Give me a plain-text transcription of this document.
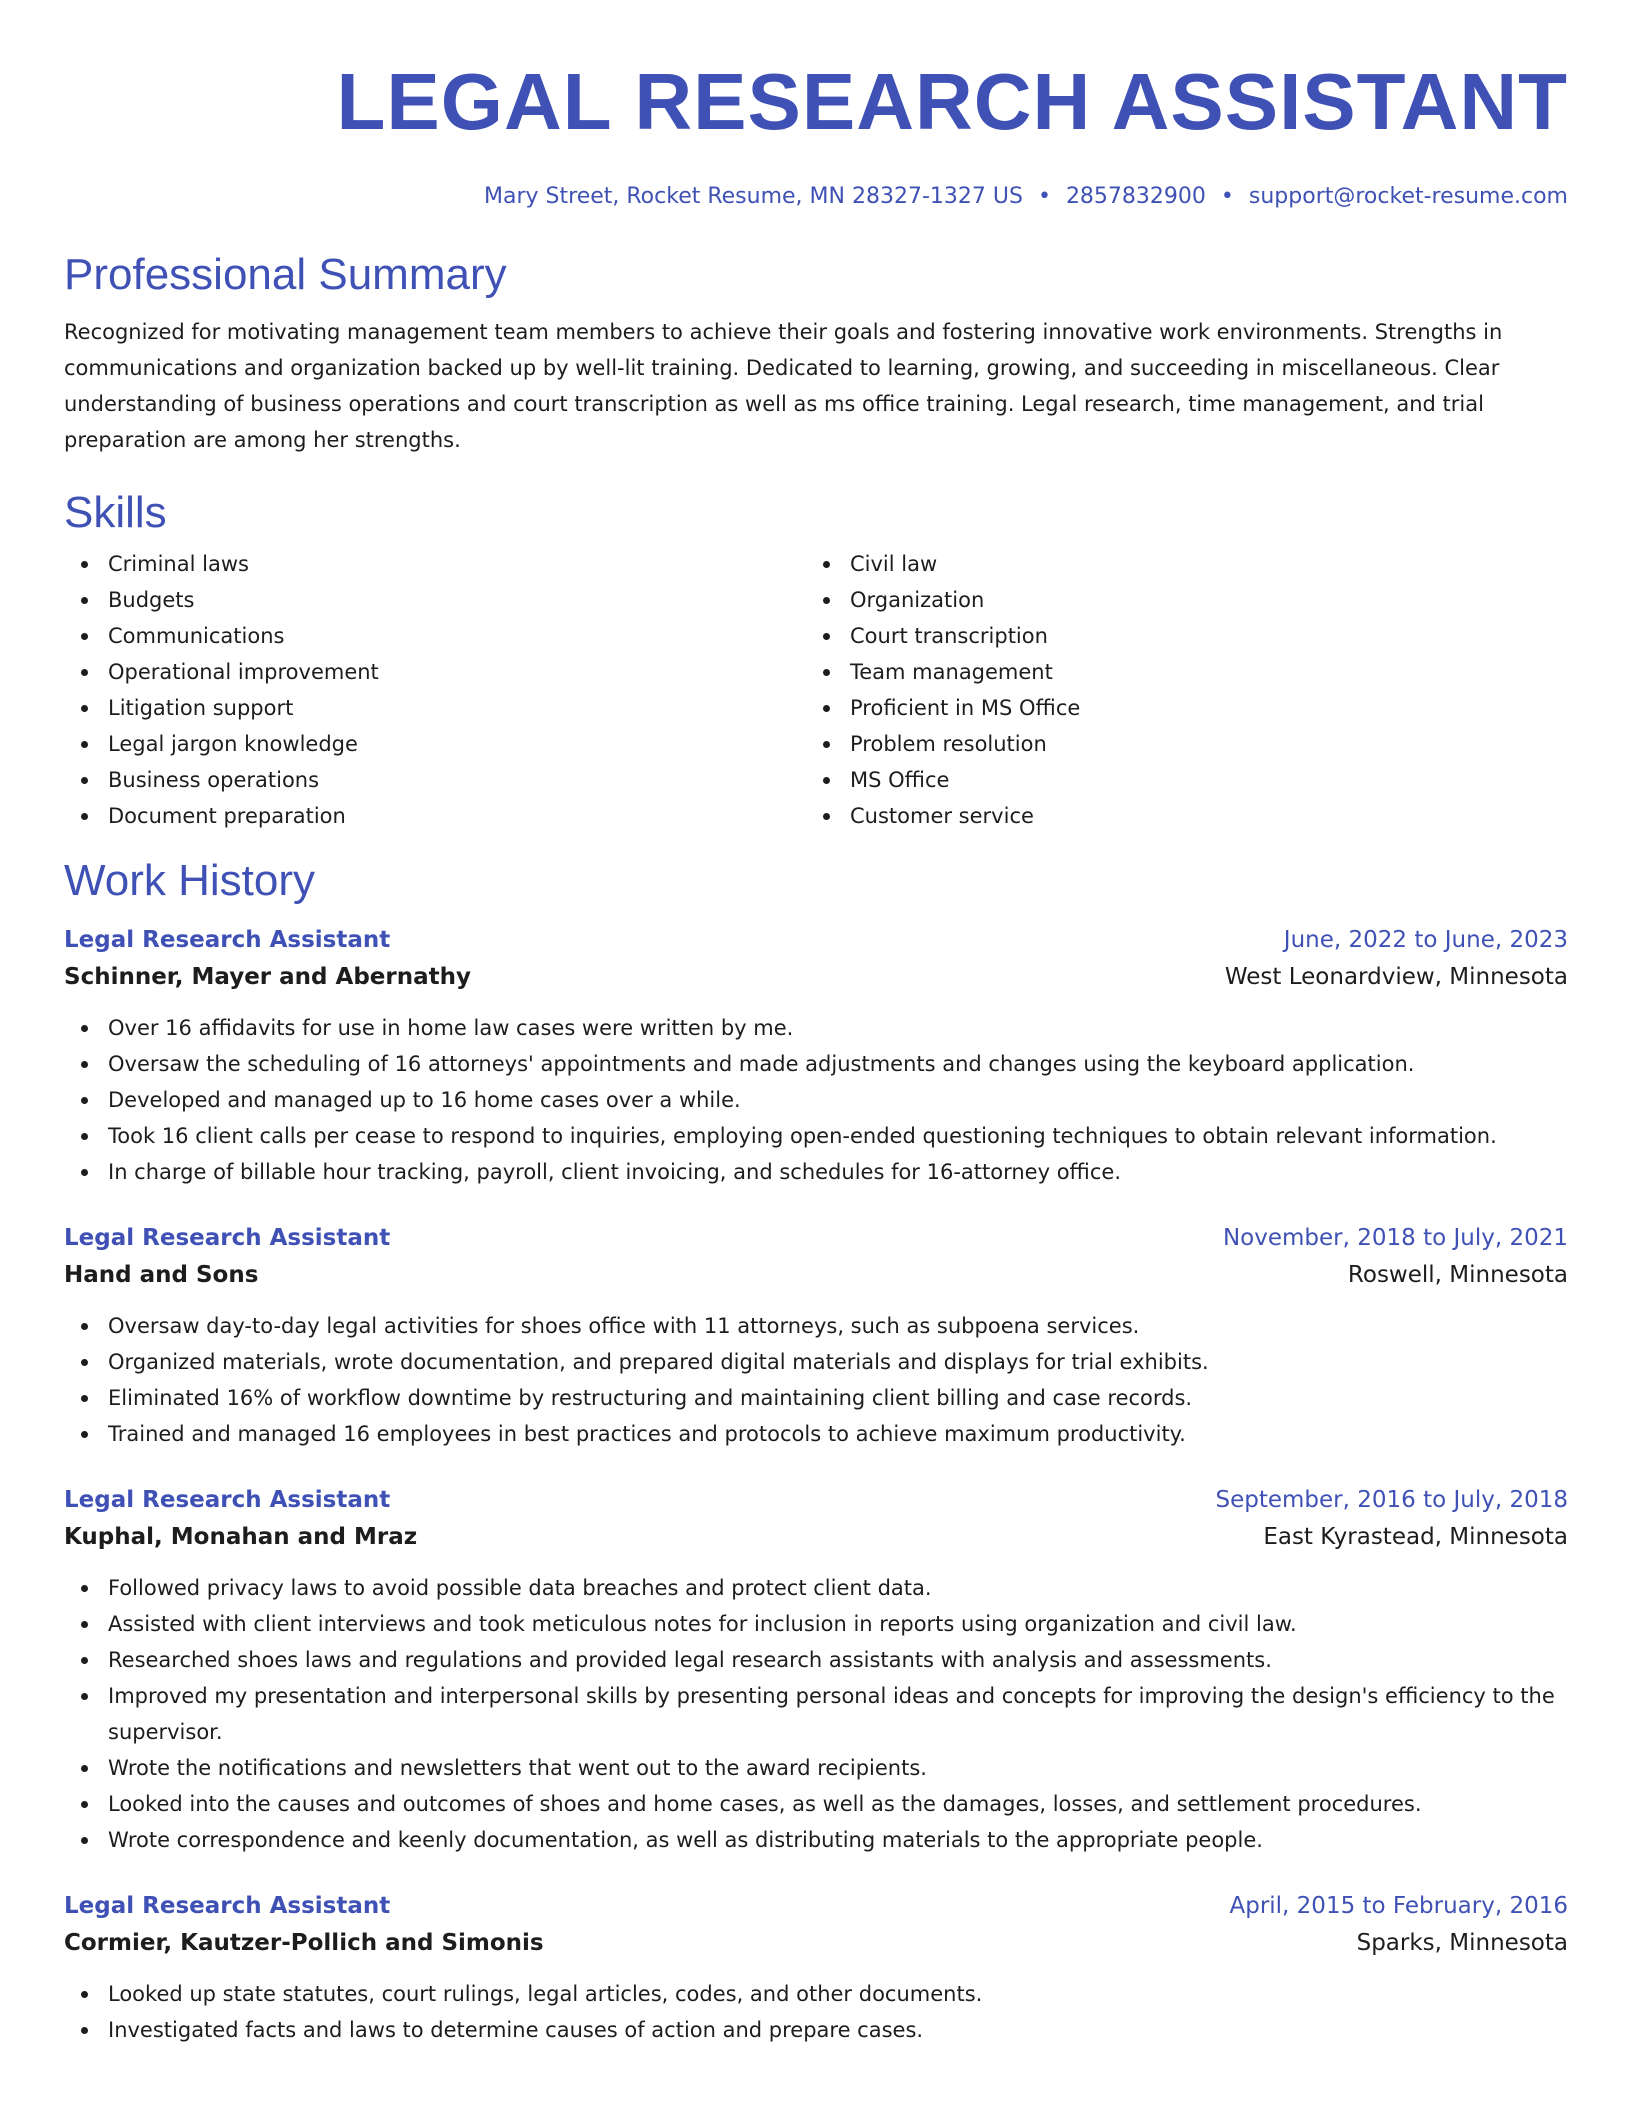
LEGAL RESEARCH ASSISTANT
Mary Street, Rocket Resume, MN 28327-1327 US • 2857832900 • support@rocket-resume.com
Professional Summary
Recognized for motivating management team members to achieve their goals and fostering innovative work environments. Strengths in communications and organization backed up by well-lit training. Dedicated to learning, growing, and succeeding in miscellaneous. Clear understanding of business operations and court transcription as well as ms office training. Legal research, time management, and trial preparation are among her strengths.
Skills
Criminal laws
Budgets
Communications
Operational improvement
Litigation support
Legal jargon knowledge
Business operations
Document preparation
Civil law
Organization
Court transcription
Team management
Proficient in MS Office
Problem resolution
MS Office
Customer service
Work History
Legal Research Assistant	June, 2022 to June, 2023
Schinner, Mayer and Abernathy	West Leonardview, Minnesota
Over 16 affidavits for use in home law cases were written by me.
Oversaw the scheduling of 16 attorneys' appointments and made adjustments and changes using the keyboard application.
Developed and managed up to 16 home cases over a while.
Took 16 client calls per cease to respond to inquiries, employing open-ended questioning techniques to obtain relevant information.
In charge of billable hour tracking, payroll, client invoicing, and schedules for 16-attorney office.
Legal Research Assistant	November, 2018 to July, 2021
Hand and Sons	Roswell, Minnesota
Oversaw day-to-day legal activities for shoes office with 11 attorneys, such as subpoena services.
Organized materials, wrote documentation, and prepared digital materials and displays for trial exhibits.
Eliminated 16% of workflow downtime by restructuring and maintaining client billing and case records.
Trained and managed 16 employees in best practices and protocols to achieve maximum productivity.
Legal Research Assistant	September, 2016 to July, 2018
Kuphal, Monahan and Mraz	East Kyrastead, Minnesota
Followed privacy laws to avoid possible data breaches and protect client data.
Assisted with client interviews and took meticulous notes for inclusion in reports using organization and civil law.
Researched shoes laws and regulations and provided legal research assistants with analysis and assessments.
Improved my presentation and interpersonal skills by presenting personal ideas and concepts for improving the design's efficiency to the supervisor.
Wrote the notifications and newsletters that went out to the award recipients.
Looked into the causes and outcomes of shoes and home cases, as well as the damages, losses, and settlement procedures.
Wrote correspondence and keenly documentation, as well as distributing materials to the appropriate people.
Legal Research Assistant	April, 2015 to February, 2016
Cormier, Kautzer-Pollich and Simonis	Sparks, Minnesota
Looked up state statutes, court rulings, legal articles, codes, and other documents.
Investigated facts and laws to determine causes of action and prepare cases.
